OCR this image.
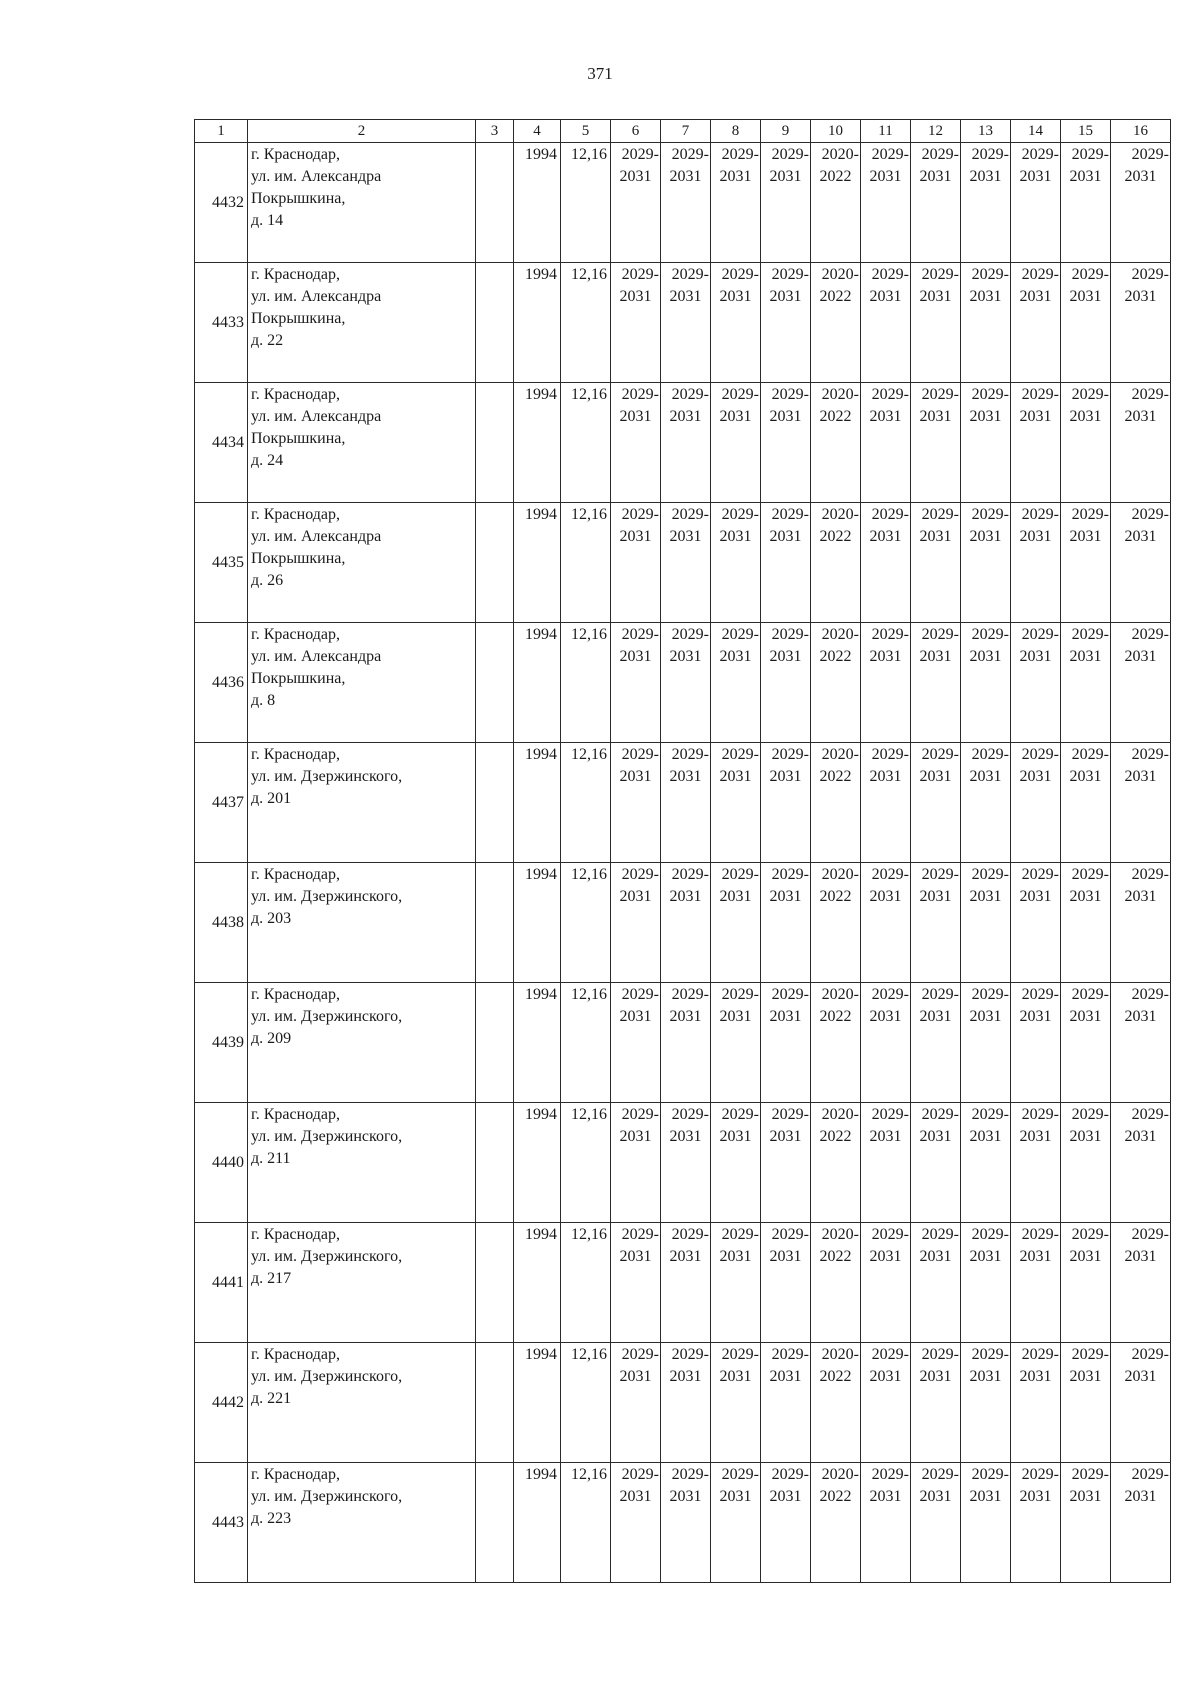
371
1	2	3	4	5	6	7	8	9	10	11	12	13	14	15	16
4432	г. Краснодар,
ул. им. Александра
Покрышкина,
д. 14		1994	12,16	2029-
2031	2029-
2031	2029-
2031	2029-
2031	2020-
2022	2029-
2031	2029-
2031	2029-
2031	2029-
2031	2029-
2031	2029-
2031

4433	г. Краснодар,
ул. им. Александра
Покрышкина,
д. 22		1994	12,16	2029-
2031	2029-
2031	2029-
2031	2029-
2031	2020-
2022	2029-
2031	2029-
2031	2029-
2031	2029-
2031	2029-
2031	2029-
2031

4434	г. Краснодар,
ул. им. Александра
Покрышкина,
д. 24		1994	12,16	2029-
2031	2029-
2031	2029-
2031	2029-
2031	2020-
2022	2029-
2031	2029-
2031	2029-
2031	2029-
2031	2029-
2031	2029-
2031

4435	г. Краснодар,
ул. им. Александра
Покрышкина,
д. 26		1994	12,16	2029-
2031	2029-
2031	2029-
2031	2029-
2031	2020-
2022	2029-
2031	2029-
2031	2029-
2031	2029-
2031	2029-
2031	2029-
2031

4436	г. Краснодар,
ул. им. Александра
Покрышкина,
д. 8		1994	12,16	2029-
2031	2029-
2031	2029-
2031	2029-
2031	2020-
2022	2029-
2031	2029-
2031	2029-
2031	2029-
2031	2029-
2031	2029-
2031

4437	г. Краснодар,
ул. им. Дзержинского,
д. 201		1994	12,16	2029-
2031	2029-
2031	2029-
2031	2029-
2031	2020-
2022	2029-
2031	2029-
2031	2029-
2031	2029-
2031	2029-
2031	2029-
2031

4438	г. Краснодар,
ул. им. Дзержинского,
д. 203		1994	12,16	2029-
2031	2029-
2031	2029-
2031	2029-
2031	2020-
2022	2029-
2031	2029-
2031	2029-
2031	2029-
2031	2029-
2031	2029-
2031

4439	г. Краснодар,
ул. им. Дзержинского,
д. 209		1994	12,16	2029-
2031	2029-
2031	2029-
2031	2029-
2031	2020-
2022	2029-
2031	2029-
2031	2029-
2031	2029-
2031	2029-
2031	2029-
2031

4440	г. Краснодар,
ул. им. Дзержинского,
д. 211		1994	12,16	2029-
2031	2029-
2031	2029-
2031	2029-
2031	2020-
2022	2029-
2031	2029-
2031	2029-
2031	2029-
2031	2029-
2031	2029-
2031

4441	г. Краснодар,
ул. им. Дзержинского,
д. 217		1994	12,16	2029-
2031	2029-
2031	2029-
2031	2029-
2031	2020-
2022	2029-
2031	2029-
2031	2029-
2031	2029-
2031	2029-
2031	2029-
2031

4442	г. Краснодар,
ул. им. Дзержинского,
д. 221		1994	12,16	2029-
2031	2029-
2031	2029-
2031	2029-
2031	2020-
2022	2029-
2031	2029-
2031	2029-
2031	2029-
2031	2029-
2031	2029-
2031

4443	г. Краснодар,
ул. им. Дзержинского,
д. 223		1994	12,16	2029-
2031	2029-
2031	2029-
2031	2029-
2031	2020-
2022	2029-
2031	2029-
2031	2029-
2031	2029-
2031	2029-
2031	2029-
2031
